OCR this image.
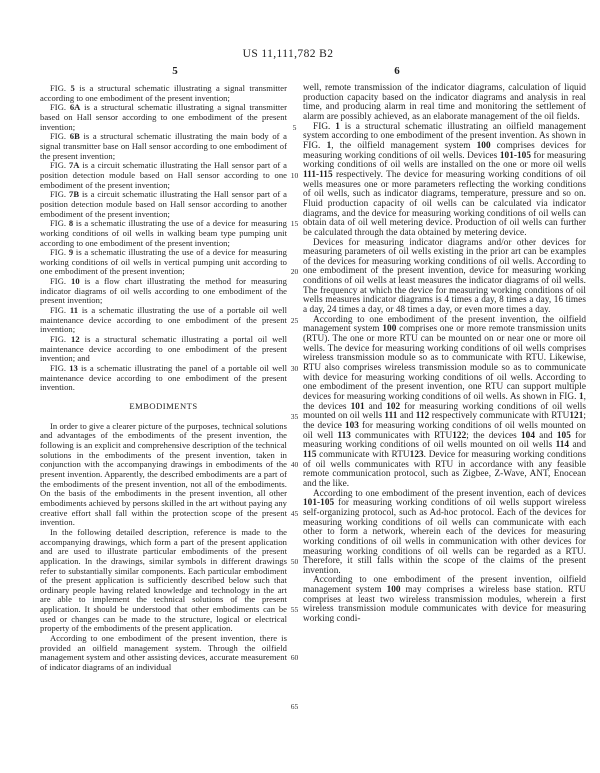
US 11,111,782 B2
5	6

FIG. 5 is a structural schematic illustrating a signal transmitter according to one embodiment of the present invention;

FIG. 6A is a structural schematic illustrating a signal transmitter based on Hall sensor according to one embodiment of the present invention;

FIG. 6B is a structural schematic illustrating the main body of a signal transmitter base on Hall sensor according to one embodiment of the present invention;

FIG. 7A is a circuit schematic illustrating the Hall sensor part of a position detection module based on Hall sensor according to one embodiment of the present invention;

FIG. 7B is a circuit schematic illustrating the Hall sensor part of a position detection module based on Hall sensor according to another embodiment of the present invention;

FIG. 8 is a schematic illustrating the use of a device for measuring working conditions of oil wells in walking beam type pumping unit according to one embodiment of the present invention;

FIG. 9 is a schematic illustrating the use of a device for measuring working conditions of oil wells in vertical pumping unit according to one embodiment of the present invention;

FIG. 10 is a flow chart illustrating the method for measuring indicator diagrams of oil wells according to one embodiment of the present invention;

FIG. 11 is a schematic illustrating the use of a portable oil well maintenance device according to one embodiment of the present invention;

FIG. 12 is a structural schematic illustrating a portal oil well maintenance device according to one embodiment of the present invention; and

FIG. 13 is a schematic illustrating the panel of a portable oil well maintenance device according to one embodiment of the present invention.

EMBODIMENTS

In order to give a clearer picture of the purposes, technical solutions and advantages of the embodiments of the present invention, the following is an explicit and comprehensive description of the technical solutions in the embodiments of the present invention, taken in conjunction with the accompanying drawings in embodiments of the present invention. Apparently, the described embodiments are a part of the embodiments of the present invention, not all of the embodiments. On the basis of the embodiments in the present invention, all other embodiments achieved by persons skilled in the art without paying any creative effort shall fall within the protection scope of the present invention.

In the following detailed description, reference is made to the accompanying drawings, which form a part of the present application and are used to illustrate particular embodiments of the present application. In the drawings, similar symbols in different drawings refer to substantially similar components. Each particular embodiment of the present application is sufficiently described below such that ordinary people having related knowledge and technology in the art are able to implement the technical solutions of the present application. It should be understood that other embodiments can be used or changes can be made to the structure, logical or electrical property of the embodiments of the present application.

According to one embodiment of the present invention, there is provided an oilfield management system. Through the oilfield management system and other assisting devices, accurate measurement of indicator diagrams of an individual

5
10
15
20
25
30
35
40
45
50
55
60
65

well, remote transmission of the indicator diagrams, calculation of liquid production capacity based on the indicator diagrams and analysis in real time, and producing alarm in real time and monitoring the settlement of alarm are possibly achieved, as an elaborate management of the oil fields.

FIG. 1 is a structural schematic illustrating an oilfield management system according to one embodiment of the present invention. As shown in FIG. 1, the oilfield management system 100 comprises devices for measuring working conditions of oil wells. Devices 101-105 for measuring working conditions of oil wells are installed on the one or more oil wells 111-115 respectively. The device for measuring working conditions of oil wells measures one or more parameters reflecting the working conditions of oil wells, such as indicator diagrams, temperature, pressure and so on. Fluid production capacity of oil wells can be calculated via indicator diagrams, and the device for measuring working conditions of oil wells can obtain data of oil well metering device. Production of oil wells can further be calculated through the data obtained by metering device.

Devices for measuring indicator diagrams and/or other devices for measuring parameters of oil wells existing in the prior art can be examples of the devices for measuring working conditions of oil wells. According to one embodiment of the present invention, device for measuring working conditions of oil wells at least measures the indicator diagrams of oil wells. The frequency at which the device for measuring working conditions of oil wells measures indicator diagrams is 4 times a day, 8 times a day, 16 times a day, 24 times a day, or 48 times a day, or even more times a day.

According to one embodiment of the present invention, the oilfield management system 100 comprises one or more remote transmission units (RTU). The one or more RTU can be mounted on or near one or more oil wells. The device for measuring working conditions of oil wells comprises wireless transmission module so as to communicate with RTU. Likewise, RTU also comprises wireless transmission module so as to communicate with device for measuring working conditions of oil wells. According to one embodiment of the present invention, one RTU can support multiple devices for measuring working conditions of oil wells. As shown in FIG. 1, the devices 101 and 102 for measuring working conditions of oil wells mounted on oil wells 111 and 112 respectively communicate with RTU121; the device 103 for measuring working conditions of oil wells mounted on oil well 113 communicates with RTU122; the devices 104 and 105 for measuring working conditions of oil wells mounted on oil wells 114 and 115 communicate with RTU123. Device for measuring working conditions of oil wells communicates with RTU in accordance with any feasible remote communication protocol, such as Zigbee, Z-Wave, ANT, Enocean and the like.

According to one embodiment of the present invention, each of devices 101-105 for measuring working conditions of oil wells support wireless self-organizing protocol, such as Ad-hoc protocol. Each of the devices for measuring working conditions of oil wells can communicate with each other to form a network, wherein each of the devices for measuring working conditions of oil wells in communication with other devices for measuring working conditions of oil wells can be regarded as a RTU. Therefore, it still falls within the scope of the claims of the present invention.

According to one embodiment of the present invention, oilfield management system 100 may comprises a wireless base station. RTU comprises at least two wireless transmission modules, wherein a first wireless transmission module communicates with device for measuring working condi-
